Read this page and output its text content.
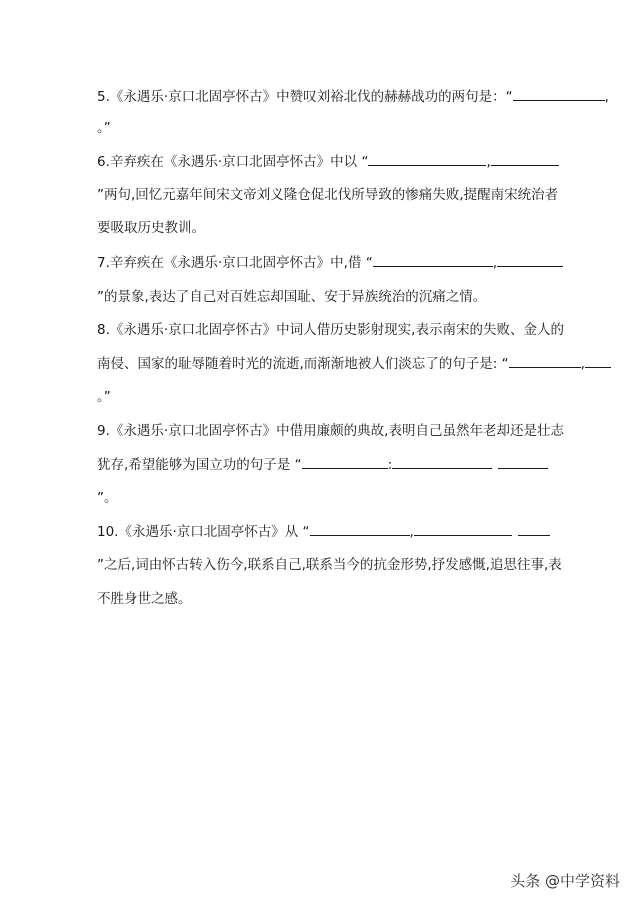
5.《永遇乐·京口北固亭怀古》中赞叹刘裕北伐的赫赫战功的两句是：“	,
。”
6.辛弃疾在《永遇乐·京口北固亭怀古》中以 “	,
”两句,回忆元嘉年间宋文帝刘义隆仓促北伐所导致的惨痛失败,提醒南宋统治者
要吸取历史教训。
7.辛弃疾在《永遇乐·京口北固亭怀古》中,借 “	,
”的景象,表达了自己对百姓忘却国耻、安于异族统治的沉痛之情。
8.《永遇乐·京口北固亭怀古》中词人借历史影射现实,表示南宋的失败、金人的
南侵、国家的耻辱随着时光的流逝,而渐渐地被人们淡忘了的句子是: “	,
。”
9.《永遇乐·京口北固亭怀古》中借用廉颇的典故,表明自己虽然年老却还是壮志
犹存,希望能够为国立功的句子是 “	:
”。
10.《永遇乐·京口北固亭怀古》从 “	,
”之后,词由怀古转入伤今,联系自己,联系当今的抗金形势,抒发感慨,追思往事,表
不胜身世之感。
头条 @中学资料
